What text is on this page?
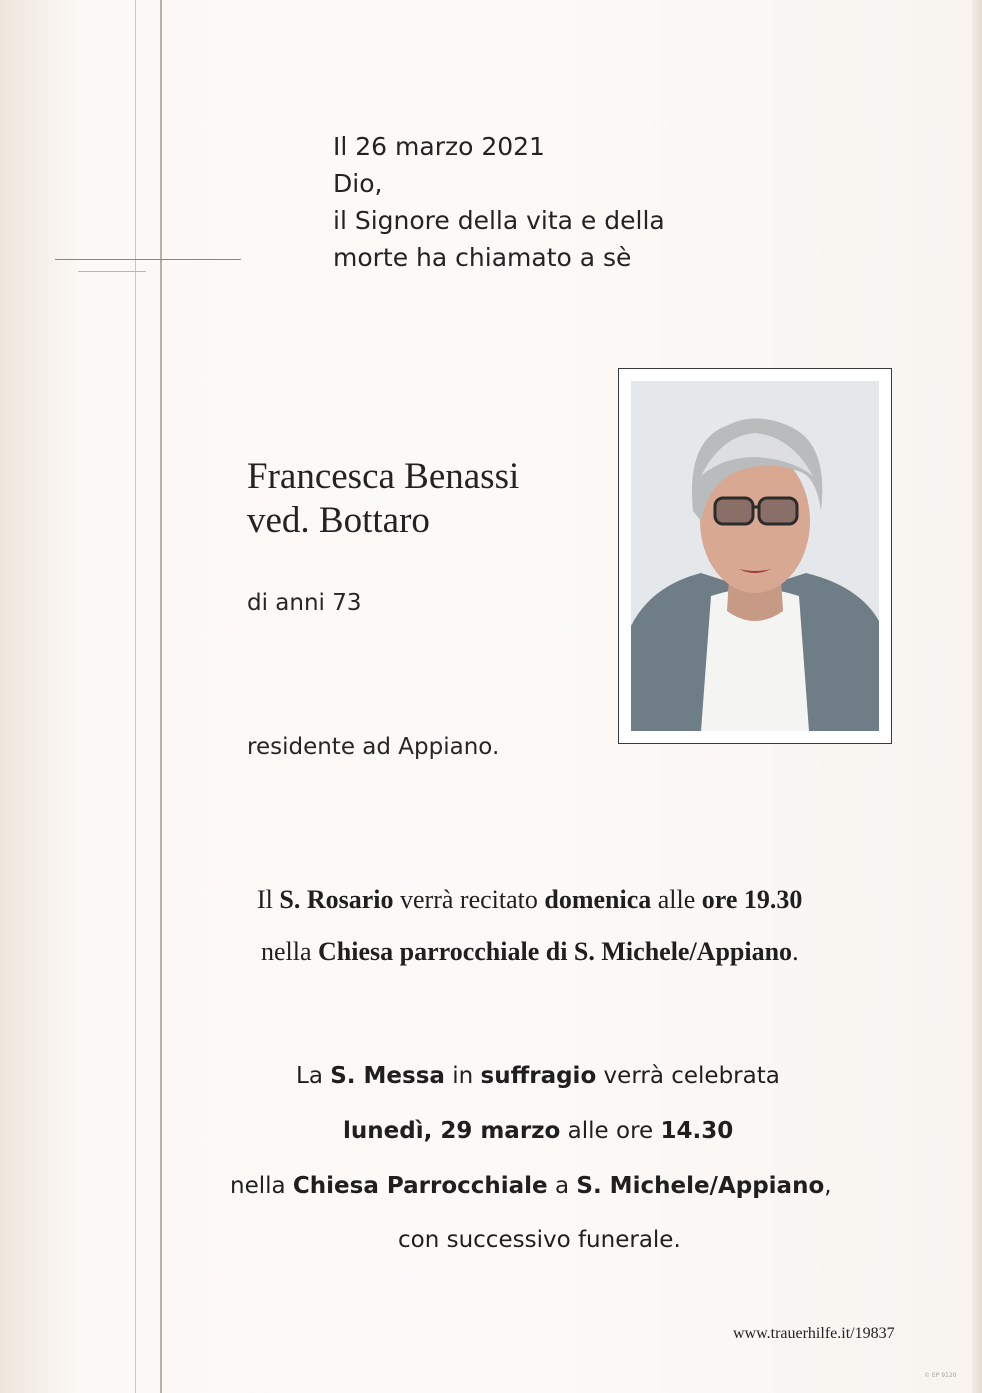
Il 26 marzo 2021
Dio,
il Signore della vita e della
morte ha chiamato a sè
Francesca Benassi
ved. Bottaro
di anni 73
residente ad Appiano.
Il S. Rosario verrà recitato domenica alle ore 19.30
nella Chiesa parrocchiale di S. Michele/Appiano.
La S. Messa in suffragio verrà celebrata
lunedì, 29 marzo alle ore 14.30
nella Chiesa Parrocchiale a S. Michele/Appiano,
con successivo funerale.
www.trauerhilfe.it/19837
© EP 9120
